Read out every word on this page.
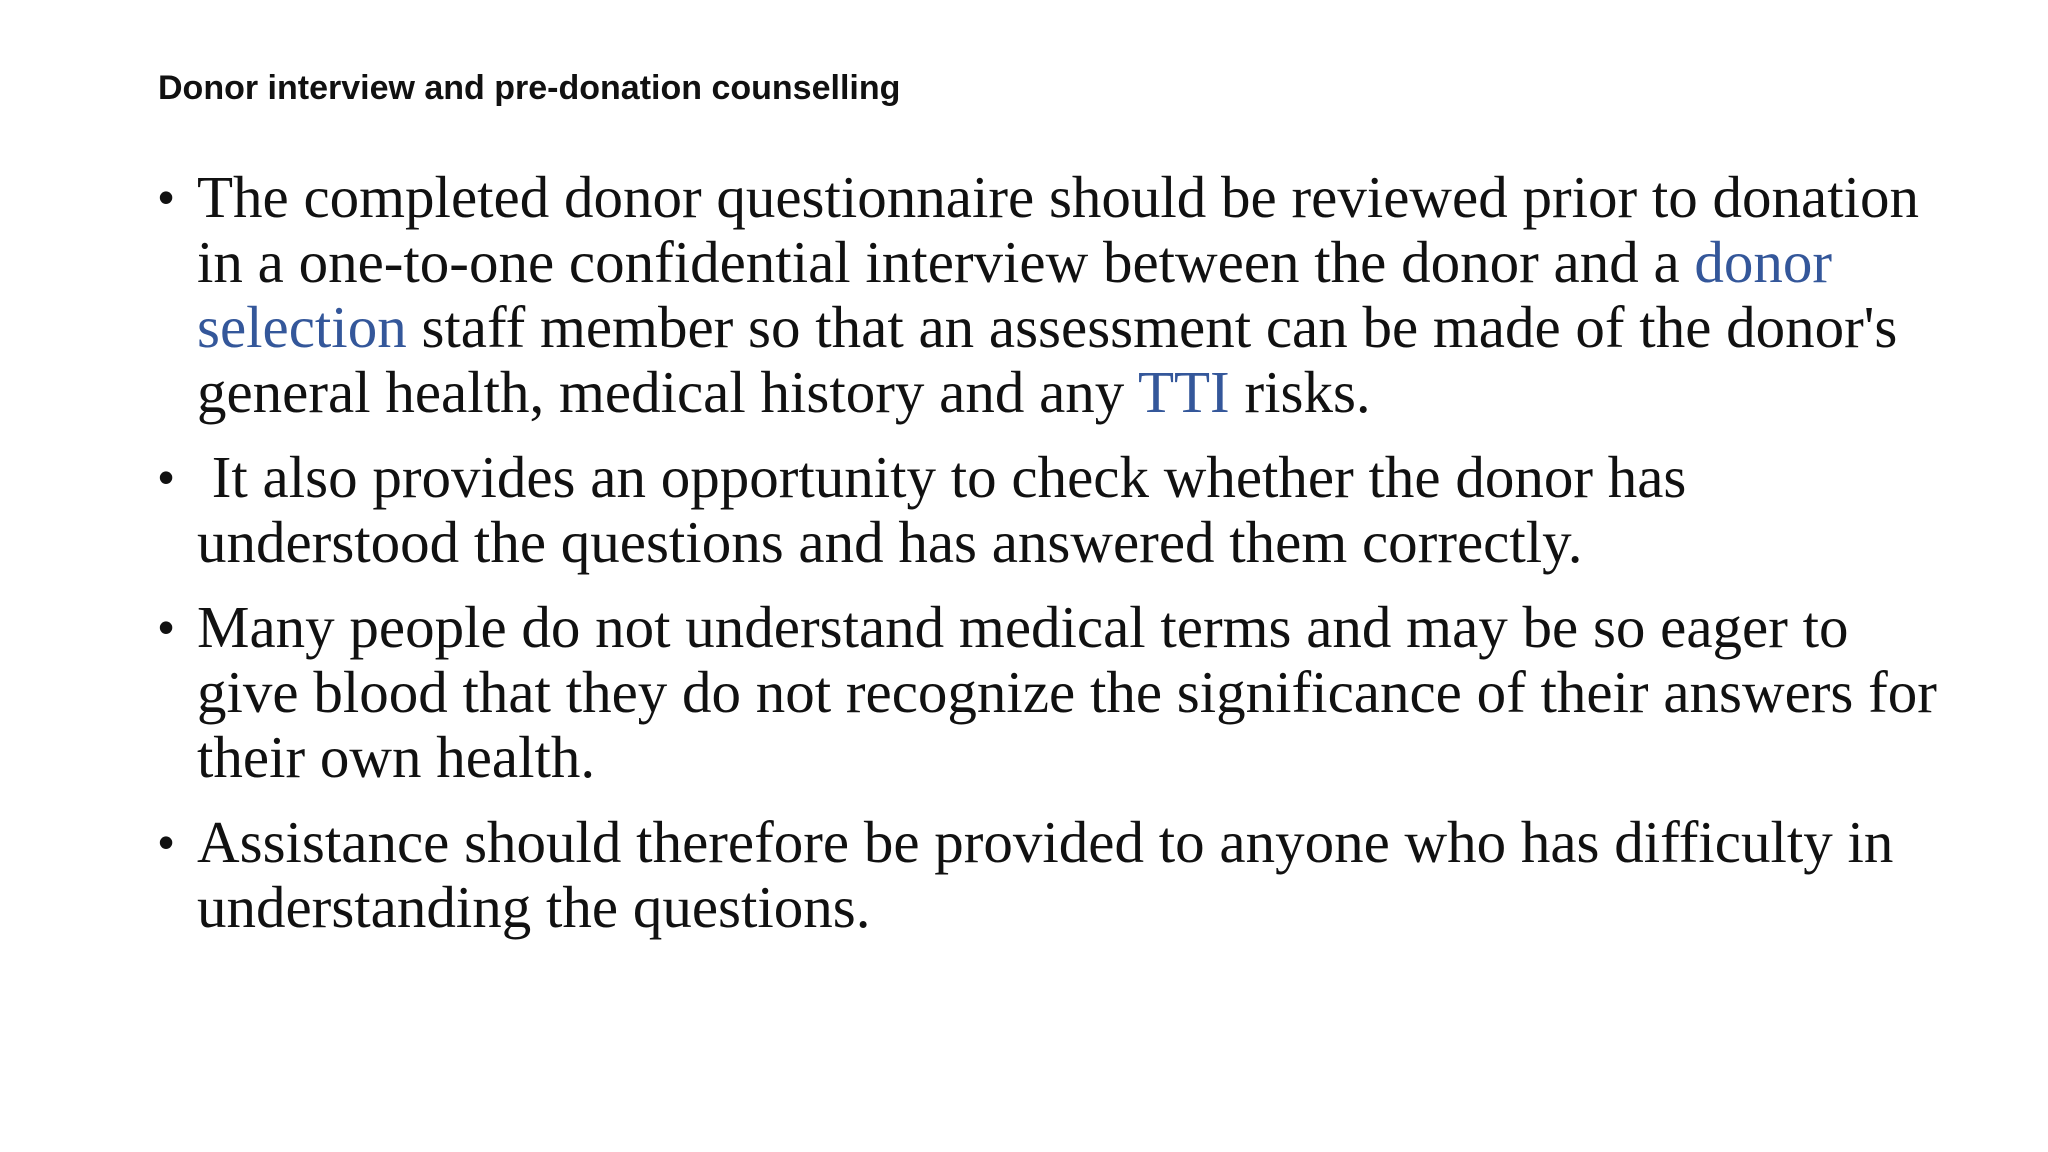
Donor interview and pre-donation counselling
• The completed donor questionnaire should be reviewed prior to donation in a one-to-one confidential interview between the donor and a donor selection staff member so that an assessment can be made of the donor's general health, medical history and any TTI risks.
• It also provides an opportunity to check whether the donor has understood the questions and has answered them correctly.
• Many people do not understand medical terms and may be so eager to give blood that they do not recognize the significance of their answers for their own health.
• Assistance should therefore be provided to anyone who has difficulty in understanding the questions.
